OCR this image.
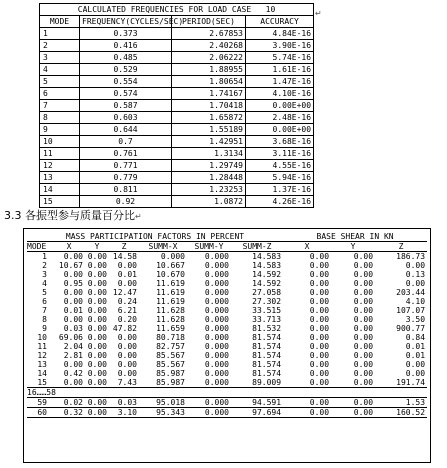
CALCULATED FREQUENCIES FOR LOAD CASE 10			
MODE	FREQUENCY(CYCLES/SEC)	PERIOD(SEC)	ACCURACY
1	0.373	2.67853	4.84E-16
2	0.416	2.40268	3.90E-16
3	0.485	2.06222	5.74E-16
4	0.529	1.88955	1.61E-16
5	0.554	1.80654	1.47E-16
6	0.574	1.74167	4.10E-16
7	0.587	1.70418	0.00E+00
8	0.603	1.65872	2.48E-16
9	0.644	1.55189	0.00E+00
10	0.7	1.42951	3.68E-16
11	0.761	1.3134	3.11E-16
12	0.771	1.29749	4.55E-16
13	0.779	1.28448	5.94E-16
14	0.811	1.23253	1.37E-16
15	0.92	1.0872	4.26E-16
↵
3.3 各振型参与质量百分比↵
MASS PARTICIPATION FACTORS IN PERCENT							BASE SHEAR IN KN		
MODE	X	Y	Z	SUMM-X	SUMM-Y	SUMM-Z	X	Y	Z
1	0.00	0.00	14.58	0.000	0.000	14.583	0.00	0.00	186.73
2	10.67	0.00	0.00	10.667	0.000	14.583	0.00	0.00	0.00
3	0.00	0.00	0.01	10.670	0.000	14.592	0.00	0.00	0.13
4	0.95	0.00	0.00	11.619	0.000	14.592	0.00	0.00	0.00
5	0.00	0.00	12.47	11.619	0.000	27.058	0.00	0.00	203.44
6	0.00	0.00	0.24	11.619	0.000	27.302	0.00	0.00	4.10
7	0.01	0.00	6.21	11.628	0.000	33.515	0.00	0.00	107.07
8	0.00	0.00	0.20	11.628	0.000	33.713	0.00	0.00	3.50
9	0.03	0.00	47.82	11.659	0.000	81.532	0.00	0.00	900.77
10	69.06	0.00	0.00	80.718	0.000	81.574	0.00	0.00	0.84
11	2.04	0.00	0.00	82.757	0.000	81.574	0.00	0.00	0.01
12	2.81	0.00	0.00	85.567	0.000	81.574	0.00	0.00	0.01
13	0.00	0.00	0.00	85.567	0.000	81.574	0.00	0.00	0.00
14	0.42	0.00	0.00	85.987	0.000	81.574	0.00	0.00	0.00
15	0.00	0.00	7.43	85.987	0.000	89.009	0.00	0.00	191.74
16……58									
59	0.02	0.00	0.03	95.018	0.000	94.591	0.00	0.00	1.53
60	0.32	0.00	3.10	95.343	0.000	97.694	0.00	0.00	160.52
